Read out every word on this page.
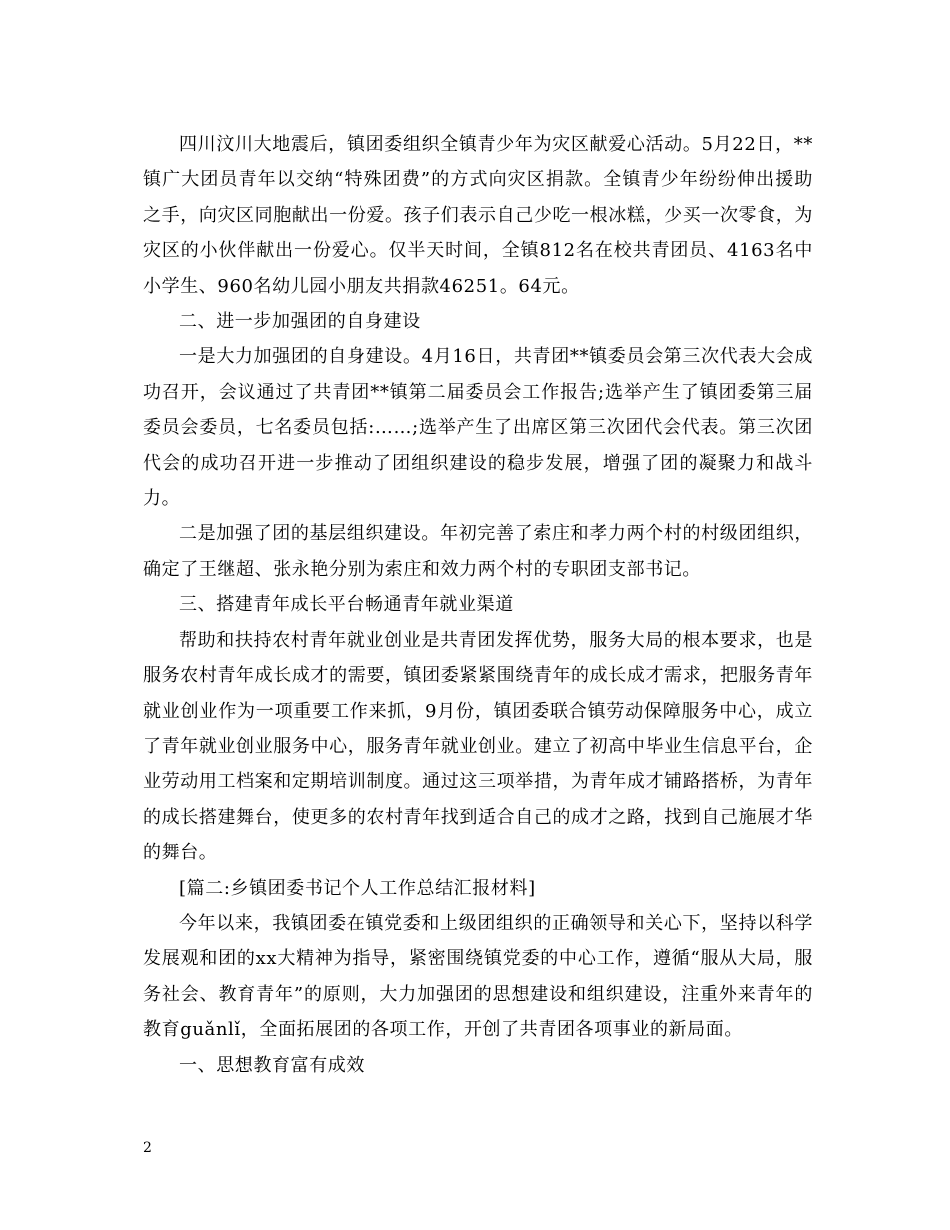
四川汶川大地震后，镇团委组织全镇青少年为灾区献爱心活动。5月22日，**镇广大团员青年以交纳“特殊团费”的方式向灾区捐款。全镇青少年纷纷伸出援助之手，向灾区同胞献出一份爱。孩子们表示自己少吃一根冰糕，少买一次零食，为灾区的小伙伴献出一份爱心。仅半天时间，全镇812名在校共青团员、4163名中小学生、960名幼儿园小朋友共捐款46251。64元。

二、进一步加强团的自身建设

一是大力加强团的自身建设。4月16日，共青团**镇委员会第三次代表大会成功召开，会议通过了共青团**镇第二届委员会工作报告;选举产生了镇团委第三届委员会委员，七名委员包括:……;选举产生了出席区第三次团代会代表。第三次团代会的成功召开进一步推动了团组织建设的稳步发展，增强了团的凝聚力和战斗力。

二是加强了团的基层组织建设。年初完善了索庄和孝力两个村的村级团组织，确定了王继超、张永艳分别为索庄和效力两个村的专职团支部书记。

三、搭建青年成长平台畅通青年就业渠道

帮助和扶持农村青年就业创业是共青团发挥优势，服务大局的根本要求，也是服务农村青年成长成才的需要，镇团委紧紧围绕青年的成长成才需求，把服务青年就业创业作为一项重要工作来抓，9月份，镇团委联合镇劳动保障服务中心，成立了青年就业创业服务中心，服务青年就业创业。建立了初高中毕业生信息平台，企业劳动用工档案和定期培训制度。通过这三项举措，为青年成才铺路搭桥，为青年的成长搭建舞台，使更多的农村青年找到适合自己的成才之路，找到自己施展才华的舞台。

[篇二:乡镇团委书记个人工作总结汇报材料]

今年以来，我镇团委在镇党委和上级团组织的正确领导和关心下，坚持以科学发展观和团的xx大精神为指导，紧密围绕镇党委的中心工作，遵循“服从大局，服务社会、教育青年”的原则，大力加强团的思想建设和组织建设，注重外来青年的教育guǎnlǐ，全面拓展团的各项工作，开创了共青团各项事业的新局面。

一、思想教育富有成效

2
